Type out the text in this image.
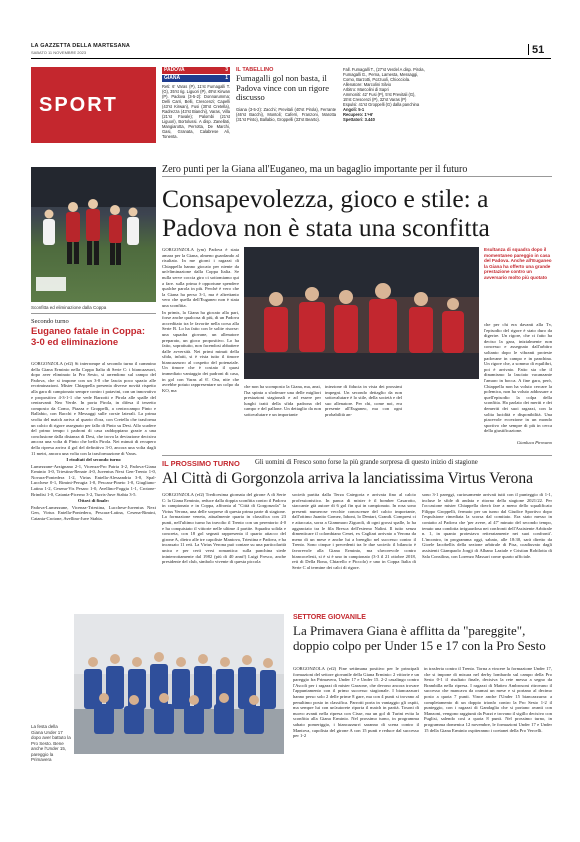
LA GAZZETTA DELLA MARTESANA
SABATO 11 NOVEMBRE 2023	51
SPORT
PADOVA	3
GIANA	1
Reti: 6' Varas (P), 11'st Fumagalli T. (G), 35'st rig. Liguori (P), 49'st Kirwan (P). Padova (3-5-2): Donnarumma; Delli Carri, Belli, Crescenzi; Capelli (43'st Kirwan), Fusi (30'st Cretella), Radrezza (43'st Bianchi), Varas, Villa (21'st Favale); Palombi (21'st Liguori), Bortolussi. A disp. Zanellati, Mangiarotta, Perrotta, De Marchi, Gasi, Granata, Calabrese Ali, Tonenta.
IL TABELLINO
Fumagalli gol non basta, il Padova vince con un rigore discusso
Giana (3-5-2): Zacchi; Previtali (40'st Pirola), Ferrante (46'st Bacchi), Montoli; Caferri, Franzoni, Marotta (31'st Pinto), Ballabio, Groppelli (33'st Bearto).
Fall. Fumagalli T., (27'st Verdel A disp. Pirola, Fumagalli G., Perna, Lamesta, Messaggi, Como, Barzotti, Pozzuoli, Chiocciola.
Allenatore: Marcolini Silvio
Arbitro: Marcolini di Sapri
Ammoniti: 42' Fusi (P), 5'st Previtali (G), 15'st Crescenzi (P), 32'st Varas (P)
Espulsi: 41'st Groppelli (G) dalla panchina
Angoli: 5-1
Recupero: 1'+6'
Spettatori: 3.440
Zero punti per la Giana all'Euganeo, ma un bagaglio importante per il futuro
Consapevolezza, gioco e stile: a Padova non è stata una sconfitta
Sconfitta ed eliminazione dalla Coppa
Secondo turno
Euganeo fatale in Coppa: 3-0 ed eliminazione

GORGONZOLA (ef2) Si interrompe al secondo turno il cammino della Giana Erminio nella Coppa Italia di Serie C: i biancazzurri, dopo aver eliminato la Pro Sesto, si arrendono sul campo del Padova, che si impone con un 3-0 che lascia poco spazio alle recriminazioni. Mister Chiappella presenta diverse novità rispetto alla gara di campionato sempre contro i patavini, con un innovativo e propositivo 4-3-1-1 che vede Barzotti e Pirola alle spalle del centravanti Neo Verde. In porta Pirola, in difesa il terzetto composto da Como, Piazza e Groppelli, a centrocampo Pinto e Ballabio, con Bacchi e Messaggi sulle corsie laterali. La prima svolta del match arriva al quarto d'ora, con Cretella che trasforma un calcio di rigore assegnato per fallo di Pinto su Desi. Allo scadere del primo tempo i padroni di casa raddoppiano grazie a una conclusione dalla distanza di Desi, che trova la deviazione decisiva ancora una volta di Pinto che beffa Pirola. Nei minuti di recupero della ripresa arriva il gol del definitivo 3-0, ancora una volta dagli 11 metri, ancora una volta con la trasformazione di Varas.

I risultati del secondo turno

Lumezzane-Arzignano 2-1, Vicenza-Pro Patria 3-2, Padova-Giana Erminio 3-0, Triestina-Renate 4-0, Juventus Next Gen-Trento 1-0, Novara-Pontedera 1-2, Virtus Entella-Alessandria 3-0, Spal-Lucchese 0-1, Rimini-Perugia 1-0, Pescara-Pineto 1-0, Giugliano-Latina 1-2, Cesena-Vis Pesaro 1-0, Avellino-Foggia 1-1, Crotone-Brindisi 1-0, Catania-Picerno 3-2, Turris-Juve Stabia 3-5.

Ottavi di finale:

Padova-Lumezzane, Vicenza-Triestina, Lucchese-Juventus Next Gen, Virtus Entella-Pontedera, Pescara-Latina, Cesena-Rimini, Catania-Crotone, Avellino-Juve Stabia.

GORGONZOLA (ym) Padova è stata amara per la Giana, almeno guardando al risultato. In me giorni i ragazzi di Chiappella hanno giocato per niente da un'eliminazione dalla Coppa Italia. Se nulla serve coccia giro ci sottomiamo qui a fare. sulla prima è opportune spendere qualche parola in più. Perché è vero che la Giana ha perso 3-1, ma è altrettanto vero che quella dell'Euganeo non è stata una sconfitta.

In primis, la Giana ha giocato alla pari, forse anche qualcosa di più, di un Padova accreditato tra le favorite nella corsa alla Serie B. Lo ha fatto con le solite risorse: una squadra giovane, un allenatore preparato, un gioco propositivo. Lo ha fatto, soprattutto, non facendosi abbattere dalle avversità. Nei primi minuti della sfida, infatti, si è vista tutto il timore biancazzurro al cospetto del potenziale. Un timore che è costato il quasi immediato vantaggio dei padroni di casa, in gol con Varas al 6'. Ora, nite che avrebbe potuto rappresentare un colpo da KO, ma

Esultanza di squadra dopo il momentaneo pareggio in casa del Padova. Anche all'Euganeo la Giana ha offerto una grande prestazione contro un avversario molto più quotato
che non ha scomposto la Giana, ma, anzi, l'ha spinta a sfoderare una delle migliori prestazioni stagionali e ad essere per lunghi tratti della sfida padrona del campo e del pallone. Un dettaglio da non sottovalutare e un importante
iniezione di fiducia in vista dei prossimi impegni. Un secondo dettaglio da non sottovalutare è lo stile, della società e del suo allenatore. Per chi, come noi, era presente all'Euganeo, ma con ogni probabilità an-

che per chi era davanti alla Tv, l'episodio del rigore è stato duro da digerire. Un rigore, che ci fatto ha deciso la gara, inizialmente non concesso e assegnato dall'arbitro soltanto dopo le vibranti proteste padovane in campo e in panchina. Un rigore che, a sommo di equilibri, poi è arrivato. Fatto sta che il dinamismo la lasciato vacanzante l'amaro in bocca. A fine gara, però, Chiappella non ha voluto cercare la polemica, non ha voluto addossare a quell'episodio la colpa della sconfitta. Ha parlato dei meriti e dei demeriti dei suoi ragazzi, con la solita lucidità e disponibilità. Una piacevole eccezione in un mondo sportivo che sempre di più in cerca della giustificazione.

Gianluca Pirovano
IL PROSSIMO TURNO Gli uomini di Fresco sono forse la più grande sorpresa di questo inizio di stagione
Al Città di Gorgonzola arriva la lanciatissima Virtus Verona
GORGONZOLA (ef2) Tredicesima giornata del girone A di Serie C: la Giana Erminio, reduce dalla doppia sconfitta contro il Padova in campionato e in Coppa, affronta al "Città di Gorgonzola" la Virtus Verona, una delle sorprese di questa prima parte di stagione. La formazione veneta, attualmente quarta in classifica con 23 punti, nell'ultimo turno ha travolto il Trento con un perentorio 4-0 e ha conquistato il vittorie nelle ultime 4 partite. Squadra solida e concreta, con 18 gol segnati rappresenta il quarto attacco del girone A, dietro alle tre capoliste Mantova, Triestina e Padova, e ha incassato 11 reti. La Virtus Verona può contare su una particolarità unica e per certi versi romantica: sulla panchina siede ininterrottamente dal 1982 (più di 40 anni!) Luigi Fresco, anche presidente del club, simbolo vivente di questa piccola
società partita dalla Terza Categoria e arrivata fino al calcio professionistico. In panca di mister è il bomber Casarotto, staccante già autore di 6 gol fin qui in campionato. In rosa sono presenti numerose vecchie conoscenze del calcio importante, dall'ottimo Juanito Gomez, Iaboni, lo Dentari, Grandi. Compresi ci e attaccata, sorra a Giammaro Ziguroli, di ogni grossi spalle, lo ha agganciato tra le fila Bresca dell'esterno Nalini. Il tutto senza dimenticare il colombiano Cenei, ex Cagliari arrivato a Verona da meno di un mese e anche lui a brenglio nel successo contro il Trento. Sono cinque i precedenti tra le due società: il bilancio è favorevole alla Giana Erminio, ma sfavorevole contro biancocelesti, si è si è uno in campionato (3-3 il 21 ottobre 2018, reti di Della Bona, Chiarello e Piccolo) e uno in Coppa Italia di Serie C al termine dei calci di rigore.
sono 3-1 pareggi, curiosamente arrivati tutti con il punteggio di 1-1, incluse le sfide di andata e ritorno della stagione 2021/22. Per l'occasione mister Chiappella dovrà fare a meno dello squalificato Filippo Groppelli, fermato per un turno dal Giudice Sportivo dopo l'espulsione rimediata la scorsa dal comitato. Era stato messo in contatto al Padova che 'per avere, al 47' minuto del secondo tempo, tenuto una condotta irriguardosa nei confronti dell'Assistente Arbitrale n. 1, in quanto protestava reiteratamente nei suoi confronti'. L'incontro, in programma oggi, sabato, alle 18:30, sarà diretto da Gioele Iacobellis della sezione arbitrale di Pisa, coadiuvato dagli assistenti Giampaolo Jorgji di Albano Laziale e Cristian Robilotta di Sala Consilina, con Lorenzo Massari come quarto ufficiale.
La festa della Giana Under 17 dopo aver battuto la Pro Sesto. Bene anche l'Under 15, pareggio la Primavera
SETTORE GIOVANILE
La Primavera Giana è afflitta da "pareggite", doppio colpo per Under 15 e 17 con la Pro Sesto
GORGONZOLA (ef2) Fine settimana positivo per le principali formazioni del settore giovanile della Giana Erminio: 2 vittorie e un pareggio fra Primavera, Under 17 e Under 15. 2-2 casalingo contro l'Ascoli per i ragazzi di mister Garzone, che devono ancora trovare l'appuntamento con il primo successo stagionale. I biancazzurri hanno perso solo 2 delle prime 8 gare, ma con 4 punti si trovano al penultimo posto in classifica. Parrotti porta in vantaggio gli ospiti, ma sempre lui con un'autorete riporta il match in parità. Tosoni di nuovo avanti nella ripresa con Cisse, ma un gol di Turini evita la sconfitta alla Giana Erminio. Nel prossimo turno, in programma sabato pomeriggio, i biancazzurri saranno di scena contro il Mantova, capolista del girone A con 15 punti e reduce dal successo per 1-2
in trasferta contro il Trento. Torna a vincere la formazione Under 17, che si impone di misura nel derby lombardo sul campo della Pro Sesto 0-1 il risultato finale, decisiva la rete messa a segno da Brambilla nella ripresa. I ragazzi di Matteo Ambrosoni ritrovano il successo che mancava da oramai un mese e si portano al decimo posto a quota 7 punti. Vince anche l'Under 15 biancazzurra: a completamento di un doppio trionfo contro la Pro Sesto 1-2 il punteggio, con i ragazzi di Gandaglia che si portano avanti con Manzoni, vengono raggiunti da Puzzi e trovano il sigillo decisivo con Puglisi, salendo così a quota 8 punti. Nel prossimo turno, in programma domenica 12 novembre, le formazioni Under 17 e Under 15 della Giana Erminio ospiteranno i coetanei della Pro Vercelli.
